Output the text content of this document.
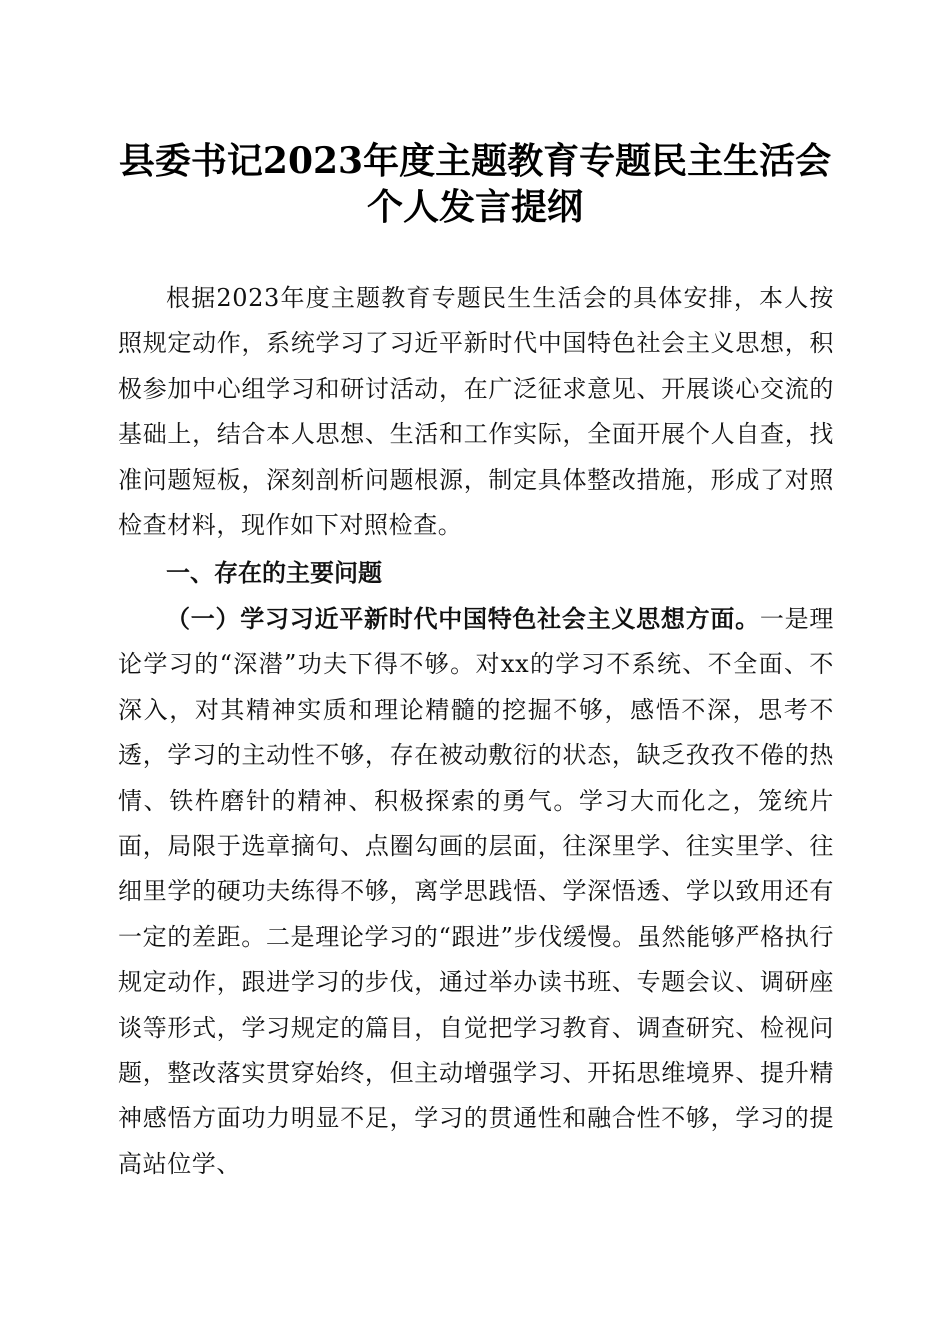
县委书记2023年度主题教育专题民主生活会
个人发言提纲

根据2023年度主题教育专题民生生活会的具体安排，本人按照规定动作，系统学习了习近平新时代中国特色社会主义思想，积极参加中心组学习和研讨活动，在广泛征求意见、开展谈心交流的基础上，结合本人思想、生活和工作实际，全面开展个人自查，找准问题短板，深刻剖析问题根源，制定具体整改措施，形成了对照检查材料，现作如下对照检查。

一、存在的主要问题

（一）学习习近平新时代中国特色社会主义思想方面。一是理论学习的“深潜”功夫下得不够。对xx的学习不系统、不全面、不深入，对其精神实质和理论精髓的挖掘不够，感悟不深，思考不透，学习的主动性不够，存在被动敷衍的状态，缺乏孜孜不倦的热情、铁杵磨针的精神、积极探索的勇气。学习大而化之，笼统片面，局限于选章摘句、点圈勾画的层面，往深里学、往实里学、往细里学的硬功夫练得不够，离学思践悟、学深悟透、学以致用还有一定的差距。二是理论学习的“跟进”步伐缓慢。虽然能够严格执行规定动作，跟进学习的步伐，通过举办读书班、专题会议、调研座谈等形式，学习规定的篇目，自觉把学习教育、调查研究、检视问题，整改落实贯穿始终，但主动增强学习、开拓思维境界、提升精神感悟方面功力明显不足，学习的贯通性和融合性不够，学习的提高站位学、
